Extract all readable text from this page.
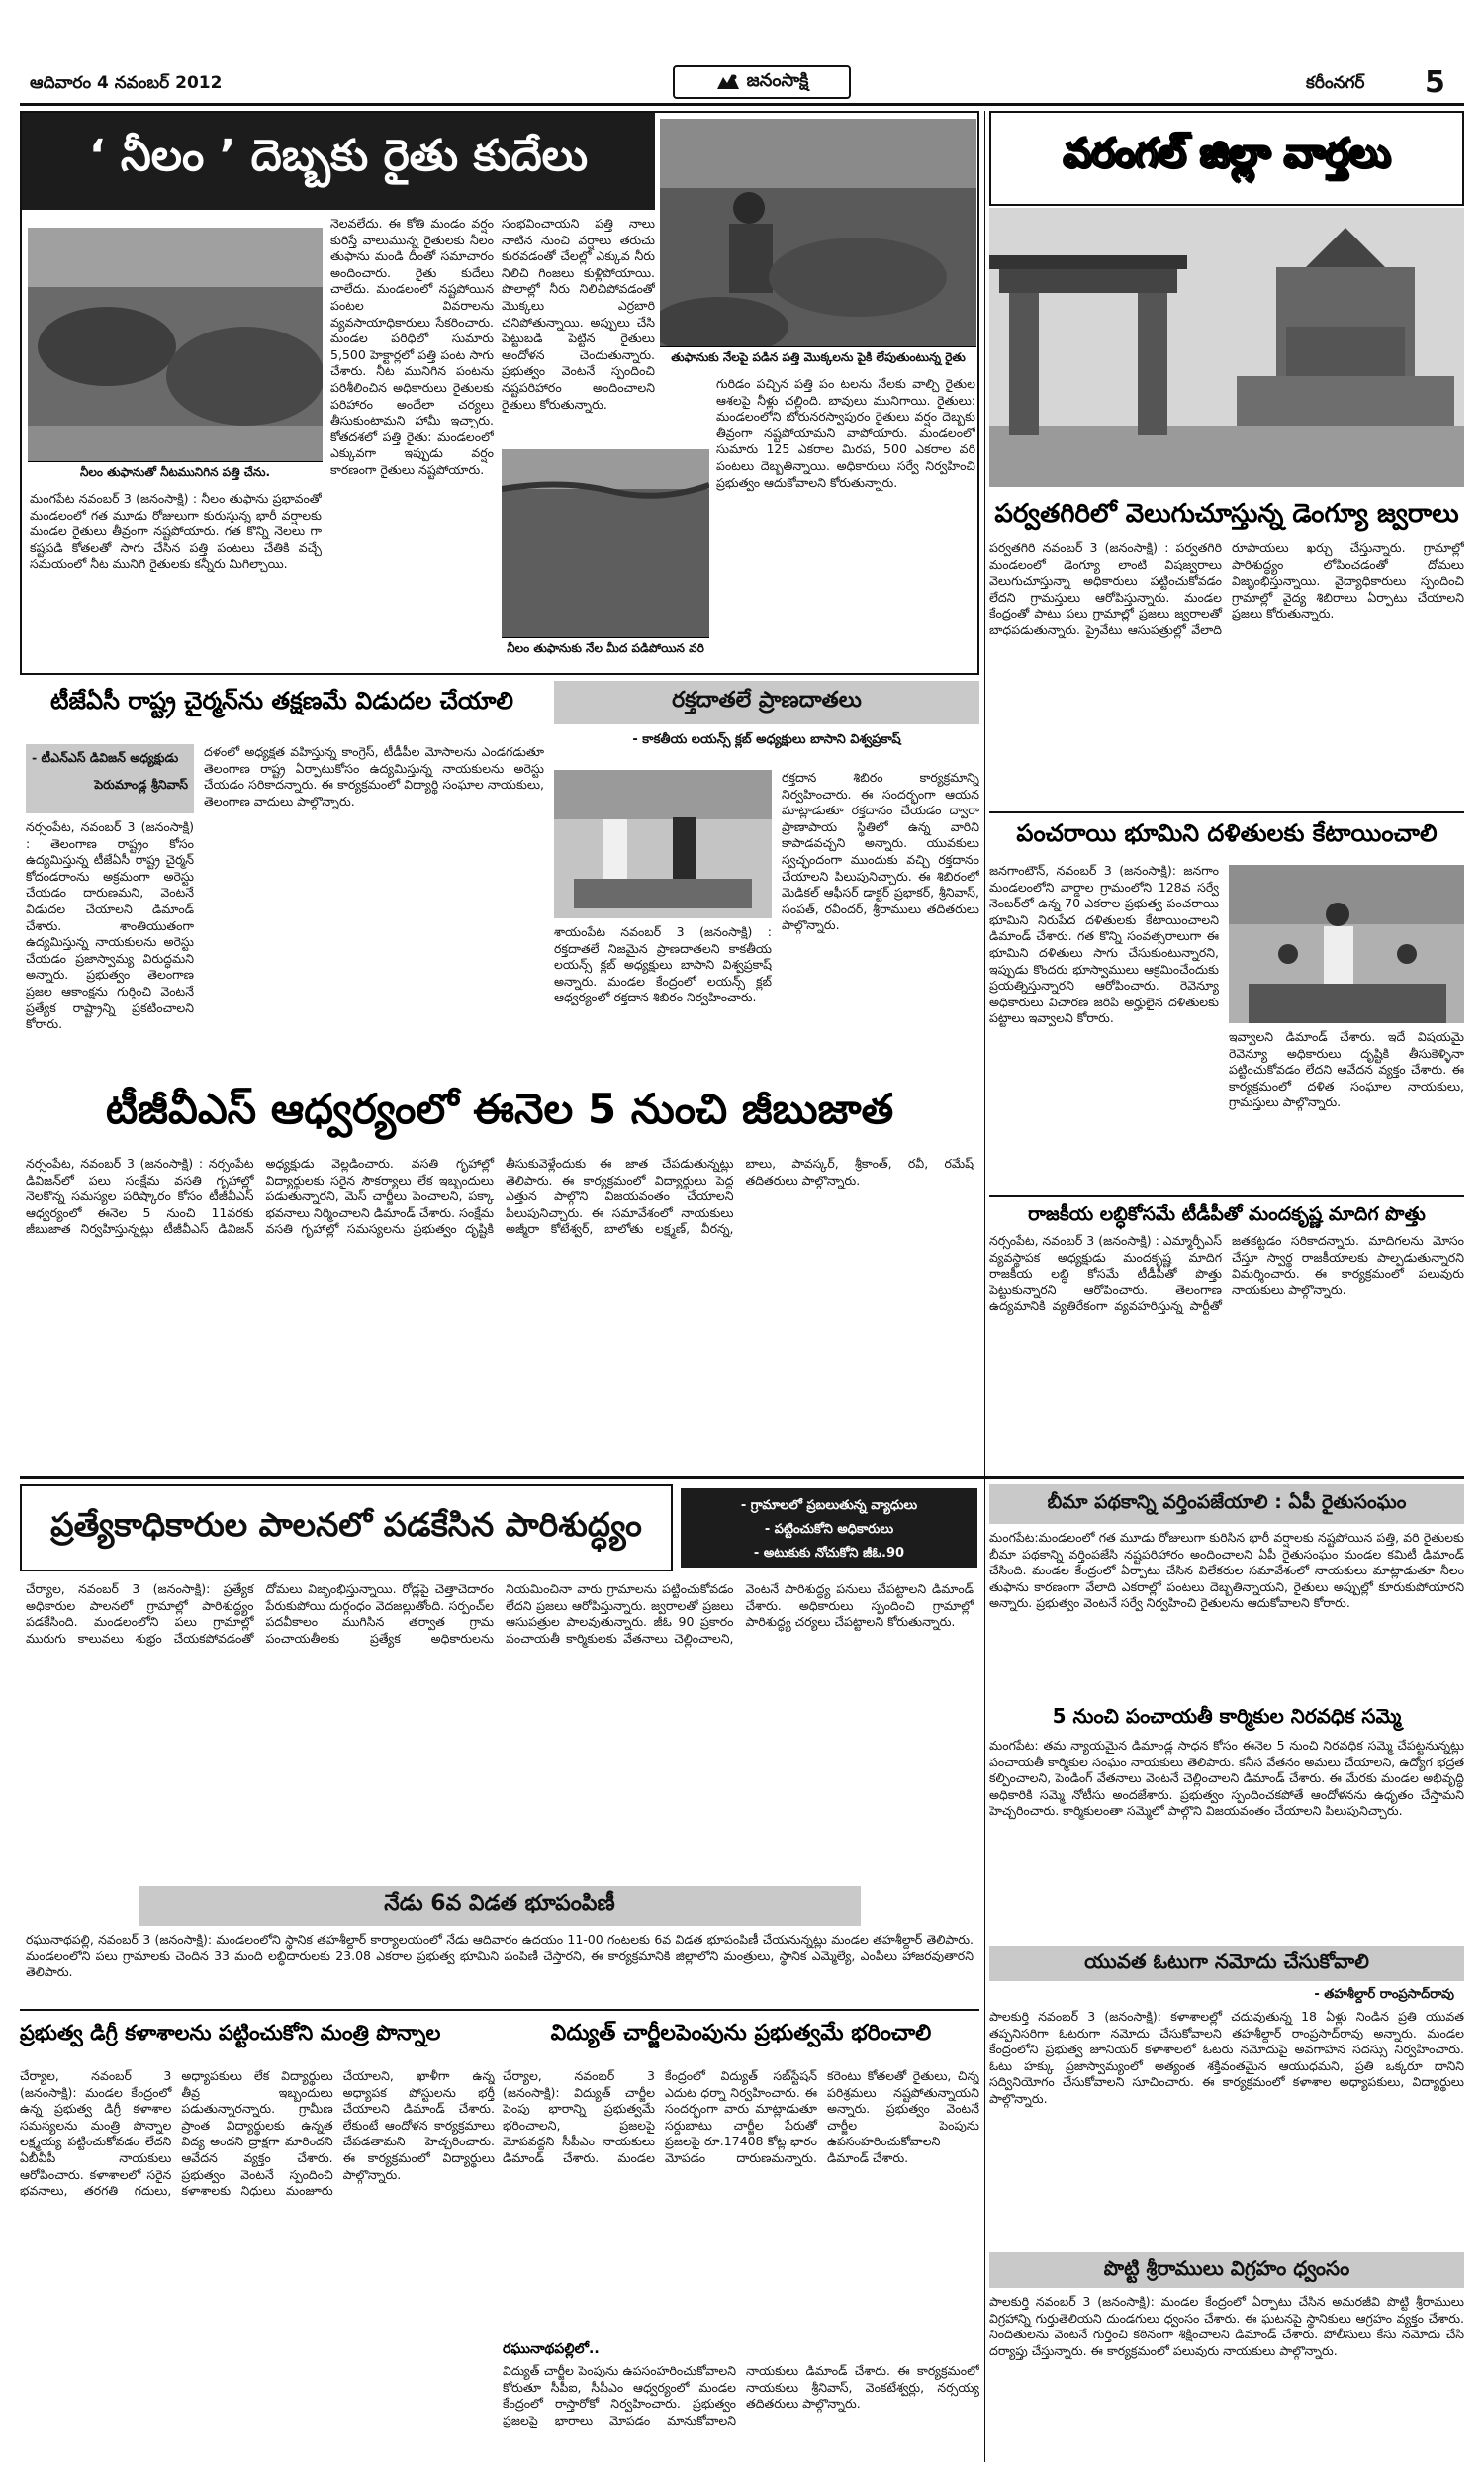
ఆదివారం 4 నవంబర్ 2012	జనంసాక్షి	కరీంనగర్ 5
‘ నీలం ’ దెబ్బకు రైతు కుదేలు
తుఫానుకు నేలపై పడిన పత్తి మొక్కలను పైకి లేపుతుంటున్న రైతు
నీలం తుఫానుతో నీటమునిగిన పత్తి చేను.
నీలం తుఫానుకు నేల మీద పడిపోయిన వరి
మంగపేట నవంబర్ 3 (జనంసాక్షి) : నీలం తుఫాను ప్రభావంతో మండలంలో గత మూడు రోజులుగా కురుస్తున్న భారీ వర్షాలకు మండల రైతులు తీవ్రంగా నష్టపోయారు. గత కొన్ని నెలలు గా కష్టపడి కోతలతో సాగు చేసిన పత్తి పంటలు చేతికి వచ్చే సమయంలో నీట మునిగి రైతులకు కన్నీరు మిగిల్చాయి.
నెలవలేదు. ఈ కోతి మండం వర్షం కురిస్తే వాలుమున్న రైతులకు నీలం తుఫాను మండి దీంతో సమాచారం అందించారు. రైతు కుదేలు చాలేదు. మండలంలో నష్టపోయిన పంటల వివరాలను వ్యవసాయాధికారులు సేకరించారు. మండల పరిధిలో సుమారు 5,500 హెక్టార్లలో పత్తి పంట సాగు చేశారు. నీట మునిగిన పంటను పరిశీలించిన అధికారులు రైతులకు పరిహారం అందేలా చర్యలు తీసుకుంటామని హామీ ఇచ్చారు. కోతదశలో పత్తి రైతు: మండలంలో ఎక్కువగా ఇప్పుడు వర్షం కారణంగా రైతులు నష్టపోయారు.
సంభవించాయని పత్తి నాలు నాటిన నుంచి వర్షాలు తరుచు కురవడంతో చేలల్లో ఎక్కువ నీరు నిలిచి గింజలు కుళ్లిపోయాయి. పొలాల్లో నీరు నిలిచిపోవడంతో మొక్కలు ఎర్రబారి చనిపోతున్నాయి. అప్పులు చేసి పెట్టుబడి పెట్టిన రైతులు ఆందోళన చెందుతున్నారు. ప్రభుత్వం వెంటనే స్పందించి నష్టపరిహారం అందించాలని రైతులు కోరుతున్నారు.
గురిడం పచ్చిన పత్తి పం టలను నేలకు వాల్చి రైతుల ఆశలపై నీళ్లు చల్లింది. బావులు మునిగాయి. రైతులు: మండలంలోని బోరునరస్వాపురం రైతులు వర్షం దెబ్బకు తీవ్రంగా నష్టపోయామని వాపోయారు. మండలంలో సుమారు 125 ఎకరాల మిరప, 500 ఎకరాల వరి పంటలు దెబ్బతిన్నాయి. అధికారులు సర్వే నిర్వహించి ప్రభుత్వం ఆదుకోవాలని కోరుతున్నారు.
వరంగల్ జిల్లా వార్తలు
పర్వతగిరిలో వెలుగుచూస్తున్న డెంగ్యూ జ్వరాలు
పర్వతగిరి నవంబర్ 3 (జనంసాక్షి) : పర్వతగిరి మండలంలో డెంగ్యూ లాంటి విషజ్వరాలు వెలుగుచూస్తున్నా అధికారులు పట్టించుకోవడం లేదని గ్రామస్తులు ఆరోపిస్తున్నారు. మండల కేంద్రంతో పాటు పలు గ్రామాల్లో ప్రజలు జ్వరాలతో బాధపడుతున్నారు. ప్రైవేటు ఆసుపత్రుల్లో వేలాది రూపాయలు ఖర్చు చేస్తున్నారు. గ్రామాల్లో పారిశుద్ధ్యం లోపించడంతో దోమలు విజృంభిస్తున్నాయి. వైద్యాధికారులు స్పందించి గ్రామాల్లో వైద్య శిబిరాలు ఏర్పాటు చేయాలని ప్రజలు కోరుతున్నారు.
పంచరాయి భూమిని దళితులకు కేటాయించాలి
జనగాంటౌన్, నవంబర్ 3 (జనంసాక్షి): జనగాం మండలంలోని వార్డాల గ్రామంలోని 128వ సర్వే నెంబర్‌లో ఉన్న 70 ఎకరాల ప్రభుత్వ పంచరాయి భూమిని నిరుపేద దళితులకు కేటాయించాలని డిమాండ్ చేశారు. గత కొన్ని సంవత్సరాలుగా ఈ భూమిని దళితులు సాగు చేసుకుంటున్నారని, ఇప్పుడు కొందరు భూస్వాములు ఆక్రమించేందుకు ప్రయత్నిస్తున్నారని ఆరోపించారు. రెవెన్యూ అధికారులు విచారణ జరిపి అర్హులైన దళితులకు పట్టాలు ఇవ్వాలని కోరారు.
ఇవ్వాలని డిమాండ్ చేశారు. ఇదే విషయమై రెవెన్యూ అధికారులు దృష్టికి తీసుకెళ్ళినా పట్టించుకోవడం లేదని ఆవేదన వ్యక్తం చేశారు. ఈ కార్యక్రమంలో దళిత సంఘాల నాయకులు, గ్రామస్తులు పాల్గొన్నారు.
రాజకీయ లబ్ధికోసమే టీడీపీతో మందకృష్ణ మాదిగ పొత్తు
నర్సంపేట, నవంబర్ 3 (జనంసాక్షి) : ఎమ్మార్పీఎస్ వ్యవస్థాపక అధ్యక్షుడు మందకృష్ణ మాదిగ రాజకీయ లబ్ధి కోసమే టీడీపీతో పొత్తు పెట్టుకున్నారని ఆరోపించారు. తెలంగాణ ఉద్యమానికి వ్యతిరేకంగా వ్యవహరిస్తున్న పార్టీతో జతకట్టడం సరికాదన్నారు. మాదిగలను మోసం చేస్తూ స్వార్థ రాజకీయాలకు పాల్పడుతున్నారని విమర్శించారు. ఈ కార్యక్రమంలో పలువురు నాయకులు పాల్గొన్నారు.
టీజేఏసీ రాష్ట్ర చైర్మన్‌ను తక్షణమే విడుదల చేయాలి
- టీఎన్‌ఎస్ డివిజన్ అధ్యక్షుడు
పెరుమాండ్ల శ్రీనివాస్
నర్సంపేట, నవంబర్ 3 (జనంసాక్షి) : తెలంగాణ రాష్ట్రం కోసం ఉద్యమిస్తున్న టీజేఏసీ రాష్ట్ర చైర్మన్ కోదండరాంను అక్రమంగా అరెస్టు చేయడం దారుణమని, వెంటనే విడుదల చేయాలని డిమాండ్ చేశారు. శాంతియుతంగా ఉద్యమిస్తున్న నాయకులను అరెస్టు చేయడం ప్రజాస్వామ్య విరుద్ధమని అన్నారు. ప్రభుత్వం తెలంగాణ ప్రజల ఆకాంక్షను గుర్తించి వెంటనే ప్రత్యేక రాష్ట్రాన్ని ప్రకటించాలని కోరారు.
దళంలో అధ్యక్షత వహిస్తున్న కాంగ్రెస్, టీడీపీల మోసాలను ఎండగడుతూ తెలంగాణ రాష్ట్ర ఏర్పాటుకోసం ఉద్యమిస్తున్న నాయకులను అరెస్టు చేయడం సరికాదన్నారు. ఈ కార్యక్రమంలో విద్యార్థి సంఘాల నాయకులు, తెలంగాణ వాదులు పాల్గొన్నారు.
రక్తదాతలే ప్రాణదాతలు
- కాకతీయ లయన్స్ క్లబ్ అధ్యక్షులు బాసాని విశ్వప్రకాష్
శాయంపేట నవంబర్ 3 (జనంసాక్షి) : రక్తదాతలే నిజమైన ప్రాణదాతలని కాకతీయ లయన్స్ క్లబ్ అధ్యక్షులు బాసాని విశ్వప్రకాష్ అన్నారు. మండల కేంద్రంలో లయన్స్ క్లబ్ ఆధ్వర్యంలో రక్తదాన శిబిరం నిర్వహించారు.
రక్తదాన శిబిరం కార్యక్రమాన్ని నిర్వహించారు. ఈ సందర్భంగా ఆయన మాట్లాడుతూ రక్తదానం చేయడం ద్వారా ప్రాణాపాయ స్థితిలో ఉన్న వారిని కాపాడవచ్చని అన్నారు. యువకులు స్వచ్ఛందంగా ముందుకు వచ్చి రక్తదానం చేయాలని పిలుపునిచ్చారు. ఈ శిబిరంలో మెడికల్ ఆఫీసర్ డాక్టర్ ప్రభాకర్, శ్రీనివాస్, సంపత్, రవీందర్, శ్రీరాములు తదితరులు పాల్గొన్నారు.
టీజీవీఎస్ ఆధ్వర్యంలో ఈనెల 5 నుంచి జీబుజాత
నర్సంపేట, నవంబర్ 3 (జనంసాక్షి) : నర్సంపేట డివిజన్‌లో పలు సంక్షేమ వసతి గృహాల్లో నెలకొన్న సమస్యల పరిష్కారం కోసం టీజీవీఎస్ ఆధ్వర్యంలో ఈనెల 5 నుంచి 11వరకు జీబుజాత నిర్వహిస్తున్నట్లు టీజీవీఎస్ డివిజన్ అధ్యక్షుడు వెల్లడించారు. వసతి గృహాల్లో విద్యార్థులకు సరైన సౌకర్యాలు లేక ఇబ్బందులు పడుతున్నారని, మెస్ చార్జీలు పెంచాలని, పక్కా భవనాలు నిర్మించాలని డిమాండ్ చేశారు. సంక్షేమ వసతి గృహాల్లో సమస్యలను ప్రభుత్వం దృష్టికి తీసుకువెళ్లేందుకు ఈ జాత చేపడుతున్నట్లు తెలిపారు. ఈ కార్యక్రమంలో విద్యార్థులు పెద్ద ఎత్తున పాల్గొని విజయవంతం చేయాలని పిలుపునిచ్చారు. ఈ సమావేశంలో నాయకులు అజ్మీరా కోటేశ్వర్, బాలోతు లక్ష్మణ్, వీరన్న, బాలు, పావస్కర్, శ్రీకాంత్, రవీ, రమేష్ తదితరులు పాల్గొన్నారు.
ప్రత్యేకాధికారుల పాలనలో పడకేసిన పారిశుద్ధ్యం	- గ్రామాలలో ప్రబలుతున్న వ్యాధులు
- పట్టించుకోని అధికారులు
- అటుకుకు నోచుకోని జీఓ.90
చేర్యాల, నవంబర్ 3 (జనంసాక్షి): ప్రత్యేక అధికారుల పాలనలో గ్రామాల్లో పారిశుద్ధ్యం పడకేసింది. మండలంలోని పలు గ్రామాల్లో మురుగు కాలువలు శుభ్రం చేయకపోవడంతో దోమలు విజృంభిస్తున్నాయి. రోడ్లపై చెత్తాచెదారం పేరుకుపోయి దుర్గంధం వెదజల్లుతోంది. సర్పంచ్‌ల పదవీకాలం ముగిసిన తర్వాత గ్రామ పంచాయతీలకు ప్రత్యేక అధికారులను నియమించినా వారు గ్రామాలను పట్టించుకోవడం లేదని ప్రజలు ఆరోపిస్తున్నారు. జ్వరాలతో ప్రజలు ఆసుపత్రుల పాలవుతున్నారు. జీఓ 90 ప్రకారం పంచాయతీ కార్మికులకు వేతనాలు చెల్లించాలని, వెంటనే పారిశుద్ధ్య పనులు చేపట్టాలని డిమాండ్ చేశారు. అధికారులు స్పందించి గ్రామాల్లో పారిశుద్ధ్య చర్యలు చేపట్టాలని కోరుతున్నారు.
బీమా పథకాన్ని వర్తింపజేయాలి : ఏపీ రైతుసంఘం
మంగపేట:మండలంలో గత మూడు రోజులుగా కురిసిన భారీ వర్షాలకు నష్టపోయిన పత్తి, వరి రైతులకు బీమా పథకాన్ని వర్తింపజేసి నష్టపరిహారం అందించాలని ఏపీ రైతుసంఘం మండల కమిటీ డిమాండ్ చేసింది. మండల కేంద్రంలో ఏర్పాటు చేసిన విలేకరుల సమావేశంలో నాయకులు మాట్లాడుతూ నీలం తుఫాను కారణంగా వేలాది ఎకరాల్లో పంటలు దెబ్బతిన్నాయని, రైతులు అప్పుల్లో కూరుకుపోయారని అన్నారు. ప్రభుత్వం వెంటనే సర్వే నిర్వహించి రైతులను ఆదుకోవాలని కోరారు.
5 నుంచి పంచాయతీ కార్మికుల నిరవధిక సమ్మె
మంగపేట: తమ న్యాయమైన డిమాండ్ల సాధన కోసం ఈనెల 5 నుంచి నిరవధిక సమ్మె చేపట్టనున్నట్లు పంచాయతీ కార్మికుల సంఘం నాయకులు తెలిపారు. కనీస వేతనం అమలు చేయాలని, ఉద్యోగ భద్రత కల్పించాలని, పెండింగ్ వేతనాలు వెంటనే చెల్లించాలని డిమాండ్ చేశారు. ఈ మేరకు మండల అభివృద్ధి అధికారికి సమ్మె నోటీసు అందజేశారు. ప్రభుత్వం స్పందించకపోతే ఆందోళనను ఉధృతం చేస్తామని హెచ్చరించారు. కార్మికులంతా సమ్మెలో పాల్గొని విజయవంతం చేయాలని పిలుపునిచ్చారు.
నేడు 6వ విడత భూపంపిణీ
రఘునాథపల్లి, నవంబర్ 3 (జనంసాక్షి): మండలంలోని స్థానిక తహశీల్దార్ కార్యాలయంలో నేడు ఆదివారం ఉదయం 11-00 గంటలకు 6వ విడత భూపంపిణీ చేయనున్నట్లు మండల తహశీల్దార్ తెలిపారు. మండలంలోని పలు గ్రామాలకు చెందిన 33 మంది లబ్ధిదారులకు 23.08 ఎకరాల ప్రభుత్వ భూమిని పంపిణీ చేస్తారని, ఈ కార్యక్రమానికి జిల్లాలోని మంత్రులు, స్థానిక ఎమ్మెల్యే, ఎంపీలు హాజరవుతారని తెలిపారు.	యువత ఓటుగా నమోదు చేసుకోవాలి
- తహశీల్దార్ రాంప్రసాద్‌రావు
పాలకుర్తి నవంబర్ 3 (జనంసాక్షి): కళాశాలల్లో చదువుతున్న 18 ఏళ్లు నిండిన ప్రతి యువత తప్పనిసరిగా ఓటరుగా నమోదు చేసుకోవాలని తహశీల్దార్ రాంప్రసాద్‌రావు అన్నారు. మండల కేంద్రంలోని ప్రభుత్వ జూనియర్ కళాశాలలో ఓటరు నమోదుపై అవగాహన సదస్సు నిర్వహించారు. ఓటు హక్కు ప్రజాస్వామ్యంలో అత్యంత శక్తివంతమైన ఆయుధమని, ప్రతి ఒక్కరూ దానిని సద్వినియోగం చేసుకోవాలని సూచించారు. ఈ కార్యక్రమంలో కళాశాల అధ్యాపకులు, విద్యార్థులు పాల్గొన్నారు.
పొట్టి శ్రీరాములు విగ్రహం ధ్వంసం
పాలకుర్తి నవంబర్ 3 (జనంసాక్షి): మండల కేంద్రంలో ఏర్పాటు చేసిన అమరజీవి పొట్టి శ్రీరాములు విగ్రహాన్ని గుర్తుతెలియని దుండగులు ధ్వంసం చేశారు. ఈ ఘటనపై స్థానికులు ఆగ్రహం వ్యక్తం చేశారు. నిందితులను వెంటనే గుర్తించి కఠినంగా శిక్షించాలని డిమాండ్ చేశారు. పోలీసులు కేసు నమోదు చేసి దర్యాప్తు చేస్తున్నారు. ఈ కార్యక్రమంలో పలువురు నాయకులు పాల్గొన్నారు.
ప్రభుత్వ డిగ్రీ కళాశాలను పట్టించుకోని మంత్రి పొన్నాల
చేర్యాల, నవంబర్ 3 (జనంసాక్షి): మండల కేంద్రంలో ఉన్న ప్రభుత్వ డిగ్రీ కళాశాల సమస్యలను మంత్రి పొన్నాల లక్ష్మయ్య పట్టించుకోవడం లేదని ఏబీవీపీ నాయకులు ఆరోపించారు. కళాశాలలో సరైన భవనాలు, తరగతి గదులు, అధ్యాపకులు లేక విద్యార్థులు తీవ్ర ఇబ్బందులు పడుతున్నారన్నారు. గ్రామీణ ప్రాంత విద్యార్థులకు ఉన్నత విద్య అందని ద్రాక్షగా మారిందని ఆవేదన వ్యక్తం చేశారు. ప్రభుత్వం వెంటనే స్పందించి కళాశాలకు నిధులు మంజూరు చేయాలని, ఖాళీగా ఉన్న అధ్యాపక పోస్టులను భర్తీ చేయాలని డిమాండ్ చేశారు. లేకుంటే ఆందోళన కార్యక్రమాలు చేపడతామని హెచ్చరించారు. ఈ కార్యక్రమంలో విద్యార్థులు పాల్గొన్నారు.
విద్యుత్ చార్జీలపెంపును ప్రభుత్వమే భరించాలి
చేర్యాల, నవంబర్ 3 (జనంసాక్షి): విద్యుత్ చార్జీల పెంపు భారాన్ని ప్రభుత్వమే భరించాలని, ప్రజలపై మోపవద్దని సీపీఎం నాయకులు డిమాండ్ చేశారు. మండల కేంద్రంలో విద్యుత్ సబ్‌స్టేషన్ ఎదుట ధర్నా నిర్వహించారు. ఈ సందర్భంగా వారు మాట్లాడుతూ సర్దుబాటు చార్జీల పేరుతో ప్రజలపై రూ.17408 కోట్ల భారం మోపడం దారుణమన్నారు. కరెంటు కోతలతో రైతులు, చిన్న పరిశ్రమలు నష్టపోతున్నాయని అన్నారు. ప్రభుత్వం వెంటనే చార్జీల పెంపును ఉపసంహరించుకోవాలని డిమాండ్ చేశారు.
రఘునాథపల్లిలో..
విద్యుత్ చార్జీల పెంపును ఉపసంహరించుకోవాలని కోరుతూ సీపీఐ, సీపీఎం ఆధ్వర్యంలో మండల కేంద్రంలో రాస్తారోకో నిర్వహించారు. ప్రభుత్వం ప్రజలపై భారాలు మోపడం మానుకోవాలని నాయకులు డిమాండ్ చేశారు. ఈ కార్యక్రమంలో నాయకులు శ్రీనివాస్, వెంకటేశ్వర్లు, నర్సయ్య తదితరులు పాల్గొన్నారు.
